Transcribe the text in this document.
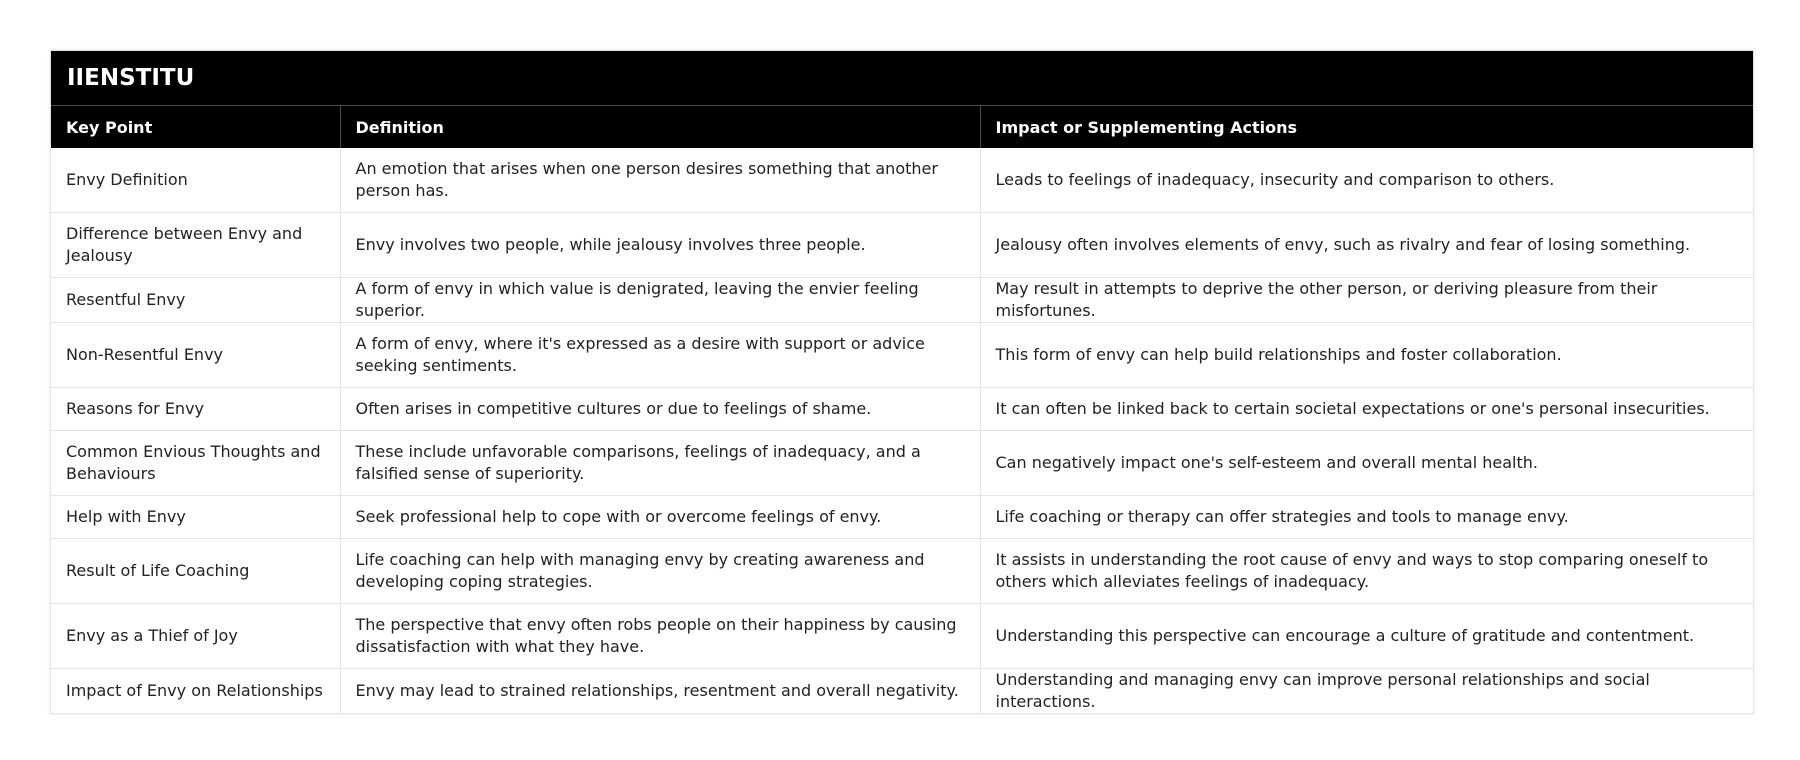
IIENSTITU
Key Point	Definition	Impact or Supplementing Actions
Envy Definition	An emotion that arises when one person desires something that another person has.	Leads to feelings of inadequacy, insecurity and comparison to others.
Difference between Envy and Jealousy	Envy involves two people, while jealousy involves three people.	Jealousy often involves elements of envy, such as rivalry and fear of losing something.
Resentful Envy	A form of envy in which value is denigrated, leaving the envier feeling superior.	May result in attempts to deprive the other person, or deriving pleasure from their misfortunes.
Non-Resentful Envy	A form of envy, where it's expressed as a desire with support or advice seeking sentiments.	This form of envy can help build relationships and foster collaboration.
Reasons for Envy	Often arises in competitive cultures or due to feelings of shame.	It can often be linked back to certain societal expectations or one's personal insecurities.
Common Envious Thoughts and Behaviours	These include unfavorable comparisons, feelings of inadequacy, and a falsified sense of superiority.	Can negatively impact one's self-esteem and overall mental health.
Help with Envy	Seek professional help to cope with or overcome feelings of envy.	Life coaching or therapy can offer strategies and tools to manage envy.
Result of Life Coaching	Life coaching can help with managing envy by creating awareness and developing coping strategies.	It assists in understanding the root cause of envy and ways to stop comparing oneself to others which alleviates feelings of inadequacy.
Envy as a Thief of Joy	The perspective that envy often robs people on their happiness by causing dissatisfaction with what they have.	Understanding this perspective can encourage a culture of gratitude and contentment.
Impact of Envy on Relationships	Envy may lead to strained relationships, resentment and overall negativity.	Understanding and managing envy can improve personal relationships and social interactions.
